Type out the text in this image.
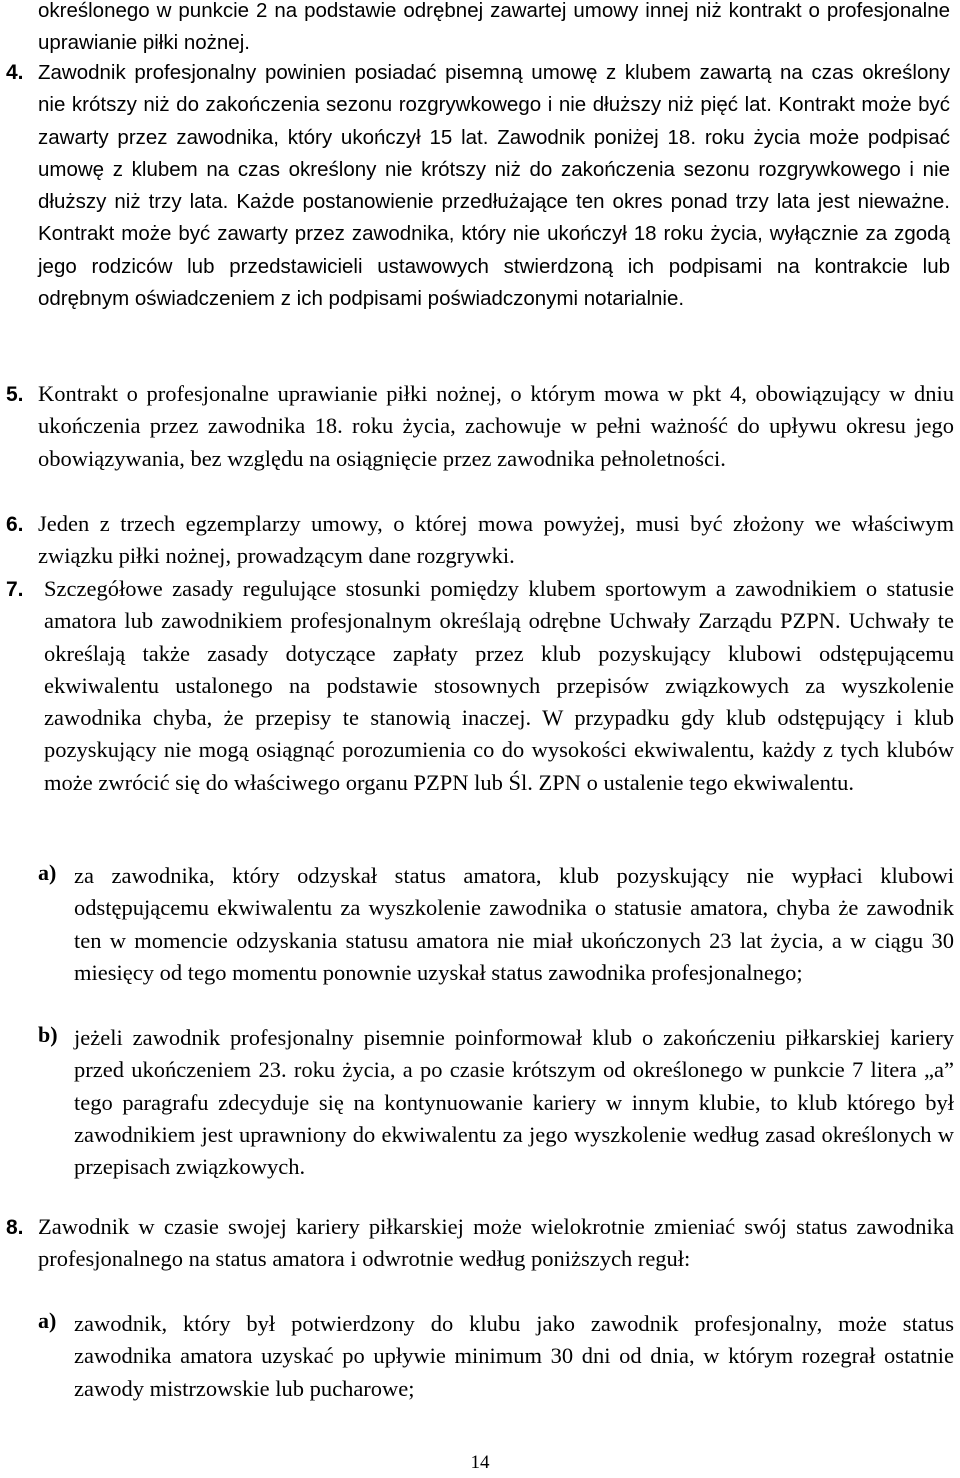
określonego w punkcie 2 na podstawie odrębnej zawartej umowy innej niż kontrakt o profesjonalne uprawianie piłki nożnej.

4. Zawodnik profesjonalny powinien posiadać pisemną umowę z klubem zawartą na czas określony nie krótszy niż do zakończenia sezonu rozgrywkowego i nie dłuższy niż pięć lat. Kontrakt może być zawarty przez zawodnika, który ukończył 15 lat. Zawodnik poniżej 18. roku życia może podpisać umowę z klubem na czas określony nie krótszy niż do zakończenia sezonu rozgrywkowego i nie dłuższy niż trzy lata. Każde postanowienie przedłużające ten okres ponad trzy lata jest nieważne. Kontrakt może być zawarty przez zawodnika, który nie ukończył 18 roku życia, wyłącznie za zgodą jego rodziców lub przedstawicieli ustawowych stwierdzoną ich podpisami na kontrakcie lub odrębnym oświadczeniem z ich podpisami poświadczonymi notarialnie.

5. Kontrakt o profesjonalne uprawianie piłki nożnej, o którym mowa w pkt 4, obowiązujący w dniu ukończenia przez zawodnika 18. roku życia, zachowuje w pełni ważność do upływu okresu jego obowiązywania, bez względu na osiągnięcie przez zawodnika pełnoletności.

6. Jeden z trzech egzemplarzy umowy, o której mowa powyżej, musi być złożony we właściwym związku piłki nożnej, prowadzącym dane rozgrywki.

7. Szczegółowe zasady regulujące stosunki pomiędzy klubem sportowym a zawodnikiem o statusie amatora lub zawodnikiem profesjonalnym określają odrębne Uchwały Zarządu PZPN. Uchwały te określają także zasady dotyczące zapłaty przez klub pozyskujący klubowi odstępującemu ekwiwalentu ustalonego na podstawie stosownych przepisów związkowych za wyszkolenie zawodnika chyba, że przepisy te stanowią inaczej. W przypadku gdy klub odstępujący i klub pozyskujący nie mogą osiągnąć porozumienia co do wysokości ekwiwalentu, każdy z tych klubów może zwrócić się do właściwego organu PZPN lub Śl. ZPN o ustalenie tego ekwiwalentu.

a) za zawodnika, który odzyskał status amatora, klub pozyskujący nie wypłaci klubowi odstępującemu ekwiwalentu za wyszkolenie zawodnika o statusie amatora, chyba że zawodnik ten w momencie odzyskania statusu amatora nie miał ukończonych 23 lat życia, a w ciągu 30 miesięcy od tego momentu ponownie uzyskał status zawodnika profesjonalnego;

b) jeżeli zawodnik profesjonalny pisemnie poinformował klub o zakończeniu piłkarskiej kariery przed ukończeniem 23. roku życia, a po czasie krótszym od określonego w punkcie 7 litera „a” tego paragrafu zdecyduje się na kontynuowanie kariery w innym klubie, to klub którego był zawodnikiem jest uprawniony do ekwiwalentu za jego wyszkolenie według zasad określonych w przepisach związkowych.

8. Zawodnik w czasie swojej kariery piłkarskiej może wielokrotnie zmieniać swój status zawodnika profesjonalnego na status amatora i odwrotnie według poniższych reguł:

a) zawodnik, który był potwierdzony do klubu jako zawodnik profesjonalny, może status zawodnika amatora uzyskać po upływie minimum 30 dni od dnia, w którym rozegrał ostatnie zawody mistrzowskie lub pucharowe;

14
